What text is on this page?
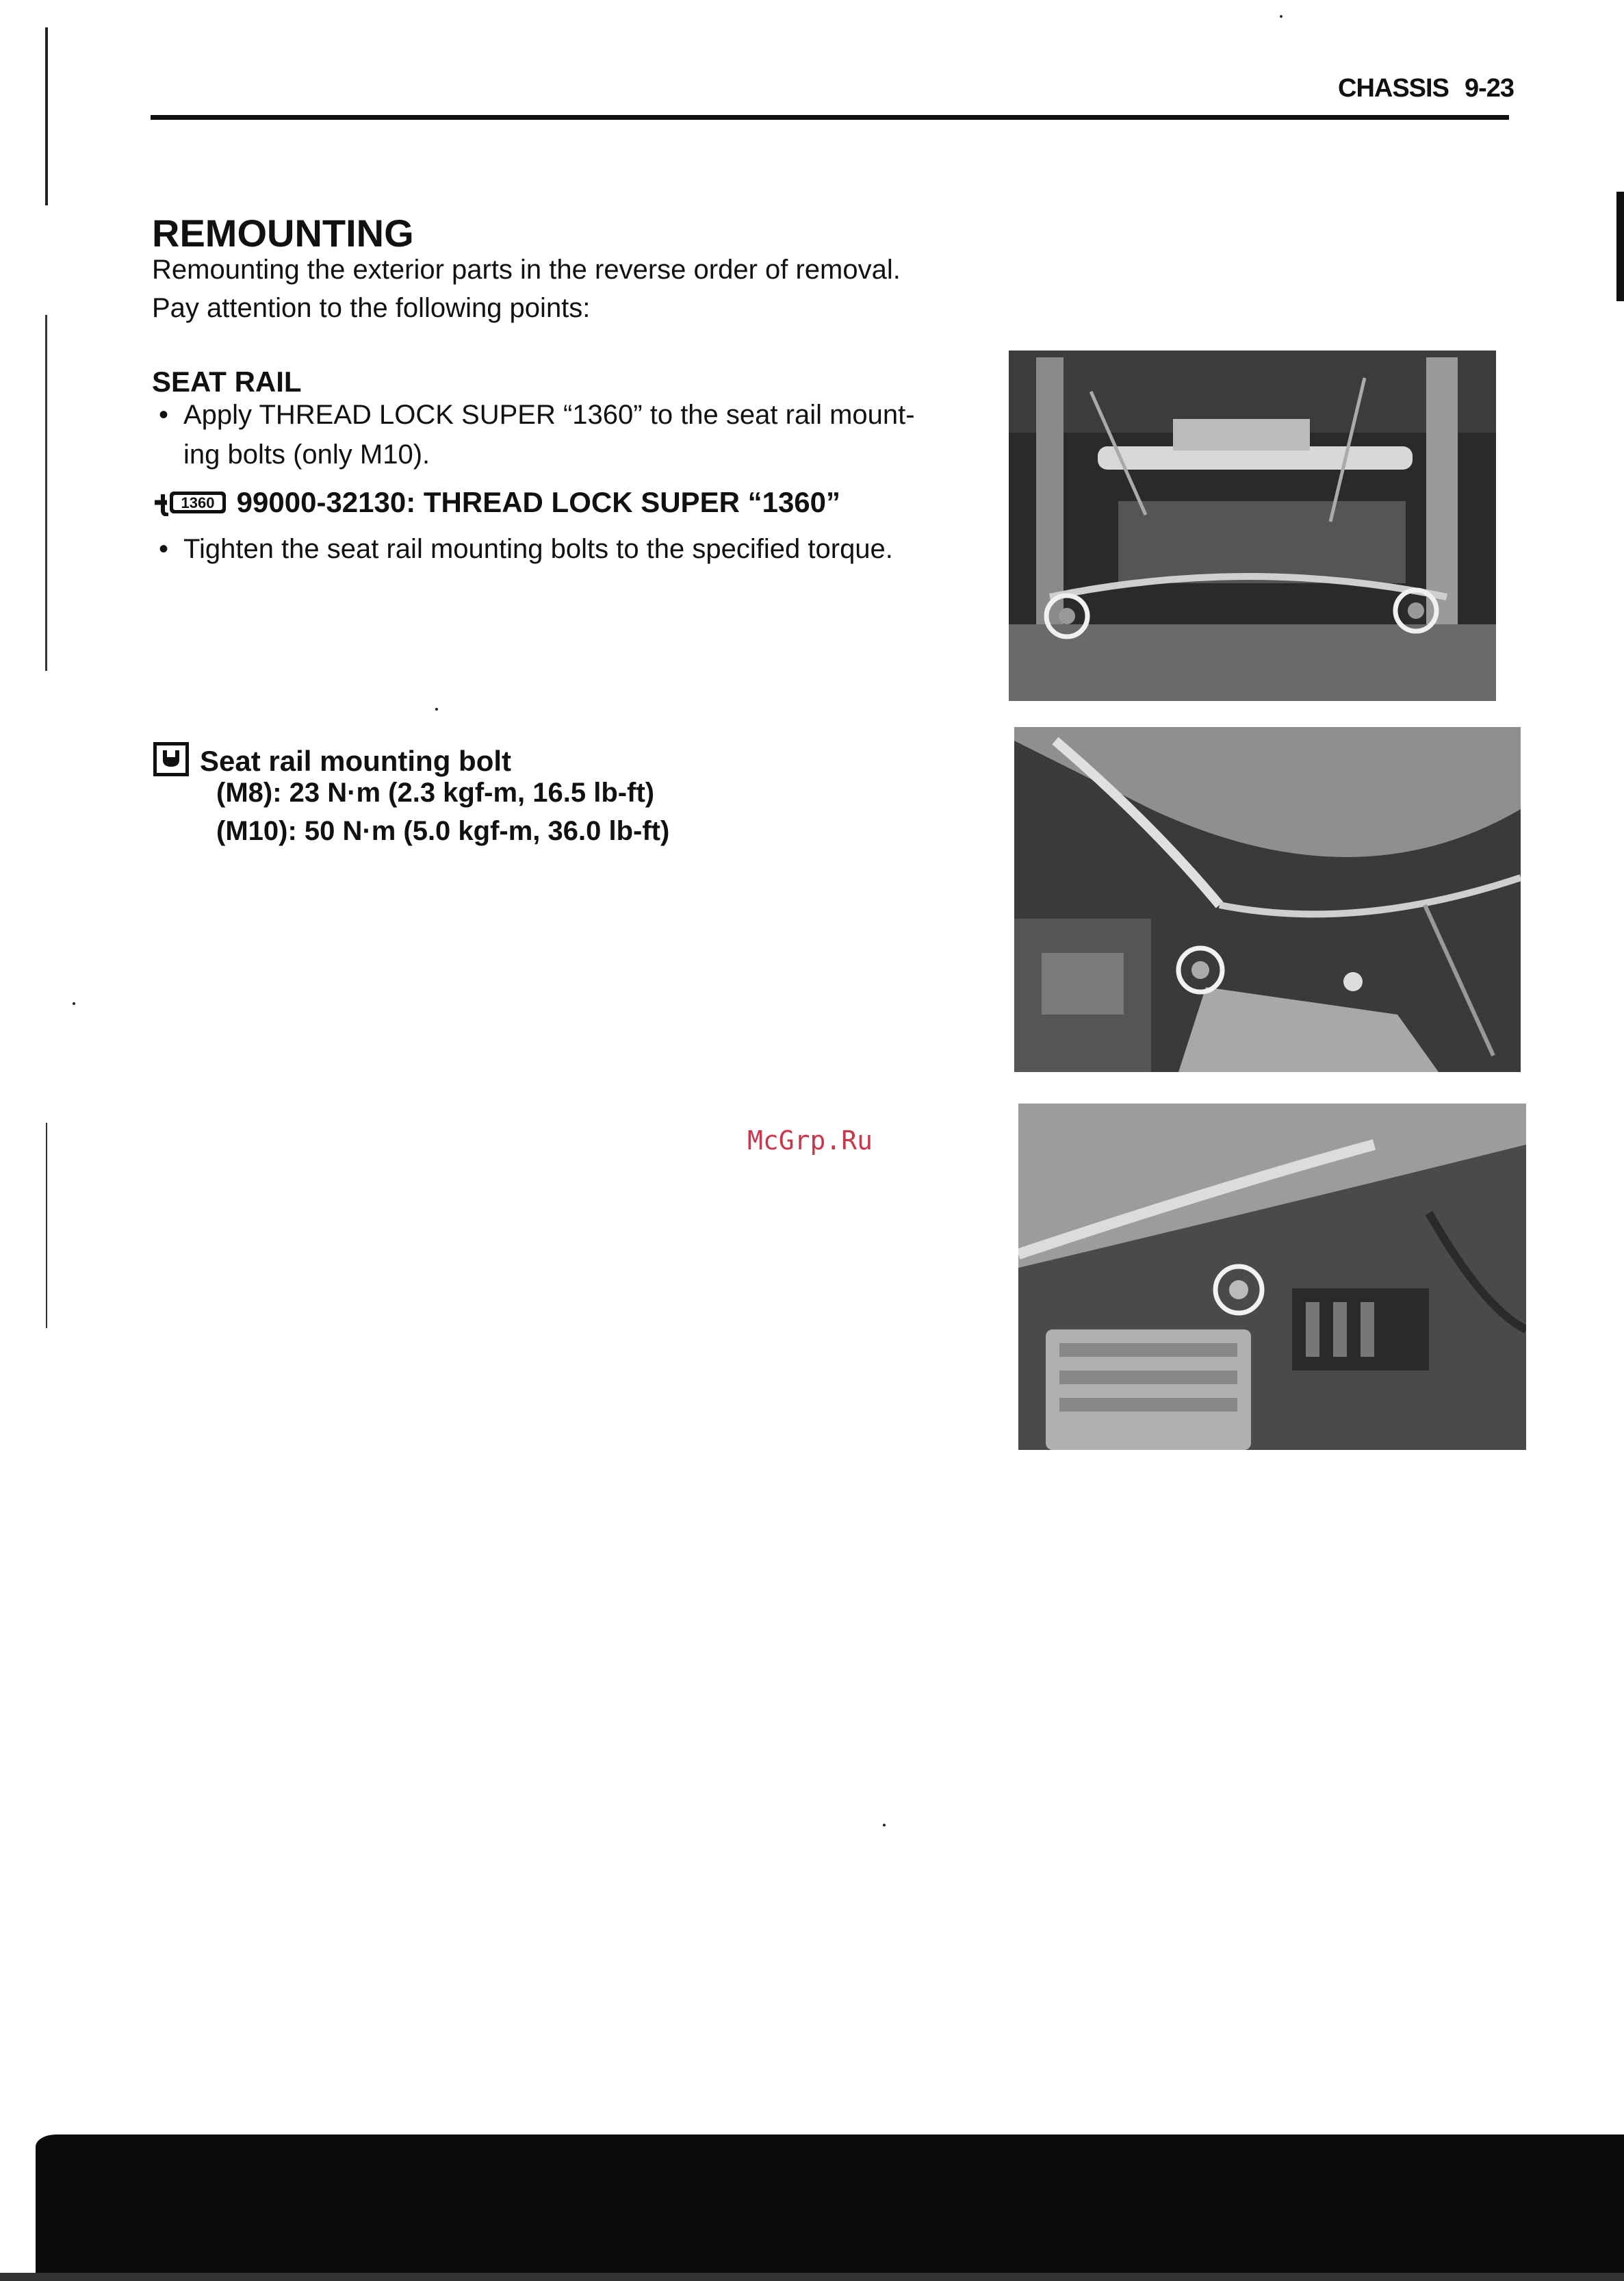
CHASSIS 9-23
REMOUNTING
Remounting the exterior parts in the reverse order of removal.
Pay attention to the following points:
SEAT RAIL
• Apply THREAD LOCK SUPER “1360” to the seat rail mount-
ing bolts (only M10).
1360 99000-32130: THREAD LOCK SUPER “1360”
• Tighten the seat rail mounting bolts to the specified torque.
Seat rail mounting bolt
(M8): 23 N·m (2.3 kgf-m, 16.5 lb-ft)
(M10): 50 N·m (5.0 kgf-m, 36.0 lb-ft)
McGrp.Ru
